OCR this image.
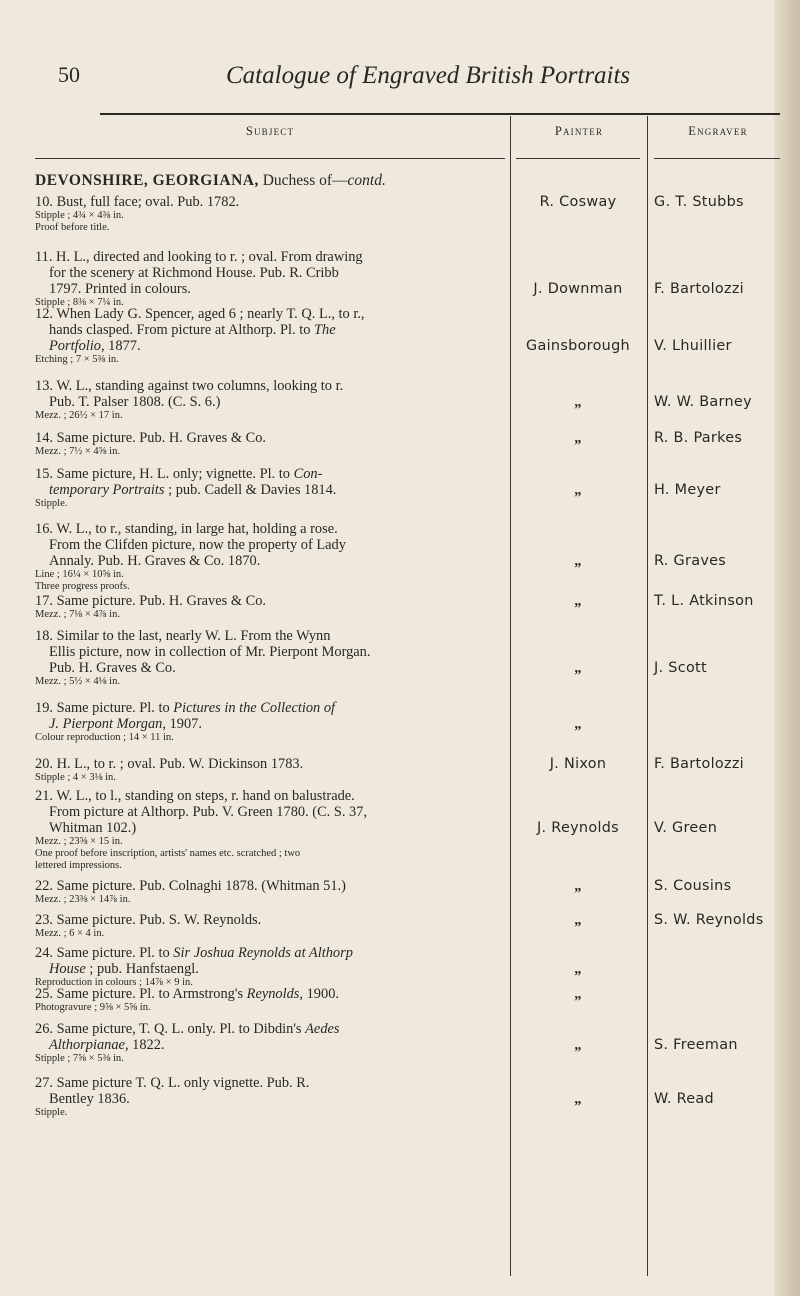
50	Catalogue of Engraved British Portraits
Subject	Painter	Engraver
DEVONSHIRE, GEORGIANA, Duchess of—contd.
10. Bust, full face; oval. Pub. 1782.
Stipple ; 4¾ × 4⅜ in.
Proof before title.
R. Cosway	G. T. Stubbs
11. H. L., directed and looking to r. ; oval. From drawing
for the scenery at Richmond House. Pub. R. Cribb
1797. Printed in colours.
Stipple ; 8⅜ × 7¼ in.
J. Downman	F. Bartolozzi
12. When Lady G. Spencer, aged 6 ; nearly T. Q. L., to r.,
hands clasped. From picture at Althorp. Pl. to The
Portfolio, 1877.
Etching ; 7 × 5⅜ in.
Gainsborough	V. Lhuillier
13. W. L., standing against two columns, looking to r.
Pub. T. Palser 1808. (C. S. 6.)
Mezz. ; 26½ × 17 in.
„	W. W. Barney
14. Same picture. Pub. H. Graves & Co.
Mezz. ; 7½ × 4⅝ in.
„	R. B. Parkes
15. Same picture, H. L. only; vignette. Pl. to Con-
temporary Portraits ; pub. Cadell & Davies 1814.
Stipple.
„	H. Meyer
16. W. L., to r., standing, in large hat, holding a rose.
From the Clifden picture, now the property of Lady
Annaly. Pub. H. Graves & Co. 1870.
Line ; 16¼ × 10⅝ in.
Three progress proofs.
„	R. Graves
17. Same picture. Pub. H. Graves & Co.
Mezz. ; 7⅛ × 4⅞ in.
„	T. L. Atkinson
18. Similar to the last, nearly W. L. From the Wynn
Ellis picture, now in collection of Mr. Pierpont Morgan.
Pub. H. Graves & Co.
Mezz. ; 5½ × 4⅛ in.
„	J. Scott
19. Same picture. Pl. to Pictures in the Collection of
J. Pierpont Morgan, 1907.
Colour reproduction ; 14 × 11 in.
„
20. H. L., to r. ; oval. Pub. W. Dickinson 1783.
Stipple ; 4 × 3⅛ in.
J. Nixon	F. Bartolozzi
21. W. L., to l., standing on steps, r. hand on balustrade.
From picture at Althorp. Pub. V. Green 1780. (C. S. 37,
Whitman 102.)
Mezz. ; 23⅝ × 15 in.
One proof before inscription, artists' names etc. scratched ; two
lettered impressions.
J. Reynolds	V. Green
22. Same picture. Pub. Colnaghi 1878. (Whitman 51.)
Mezz. ; 23⅜ × 14⅞ in.
„	S. Cousins
23. Same picture. Pub. S. W. Reynolds.
Mezz. ; 6 × 4 in.
„	S. W. Reynolds
24. Same picture. Pl. to Sir Joshua Reynolds at Althorp
House ; pub. Hanfstaengl.
Reproduction in colours ; 14⅞ × 9 in.
„
25. Same picture. Pl. to Armstrong's Reynolds, 1900.
Photogravure ; 9⅝ × 5⅝ in.
„
26. Same picture, T. Q. L. only. Pl. to Dibdin's Aedes
Althorpianae, 1822.
Stipple ; 7⅝ × 5⅜ in.
„	S. Freeman
27. Same picture T. Q. L. only vignette. Pub. R.
Bentley 1836.
Stipple.
„	W. Read
